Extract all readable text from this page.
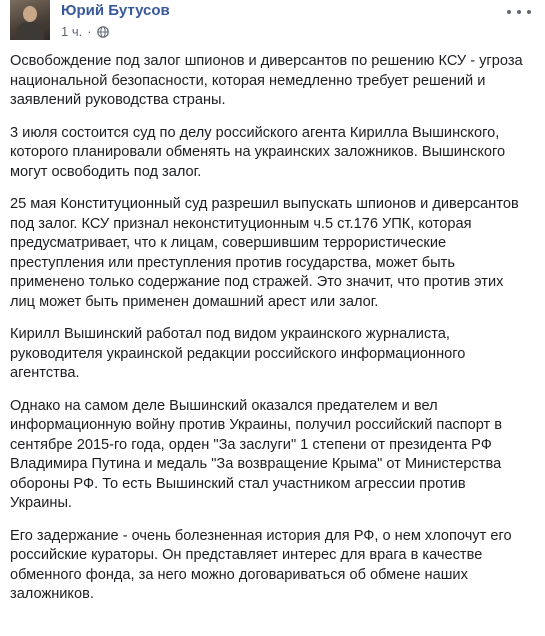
Юрий Бутусов
1 ч. ·

Освобождение под залог шпионов и диверсантов по решению КСУ - угроза национальной безопасности, которая немедленно требует решений и заявлений руководства страны.

3 июля состоится суд по делу российского агента Кирилла Вышинского, которого планировали обменять на украинских заложников. Вышинского могут освободить под залог.

25 мая Конституционный суд разрешил выпускать шпионов и диверсантов под залог. КСУ признал неконституционным ч.5 ст.176 УПК, которая предусматривает, что к лицам, совершившим террористические преступления или преступления против государства, может быть применено только содержание под стражей. Это значит, что против этих лиц может быть применен домашний арест или залог.

Кирилл Вышинский работал под видом украинского журналиста, руководителя украинской редакции российского информационного агентства.

Однако на самом деле Вышинский оказался предателем и вел информационную войну против Украины, получил российский паспорт в сентябре 2015-го года, орден "За заслуги" 1 степени от президента РФ Владимира Путина и медаль "За возвращение Крыма" от Министерства обороны РФ. То есть Вышинский стал участником агрессии против Украины.

Его задержание - очень болезненная история для РФ, о нем хлопочут его российские кураторы. Он представляет интерес для врага в качестве обменного фонда, за него можно договариваться об обмене наших заложников.
